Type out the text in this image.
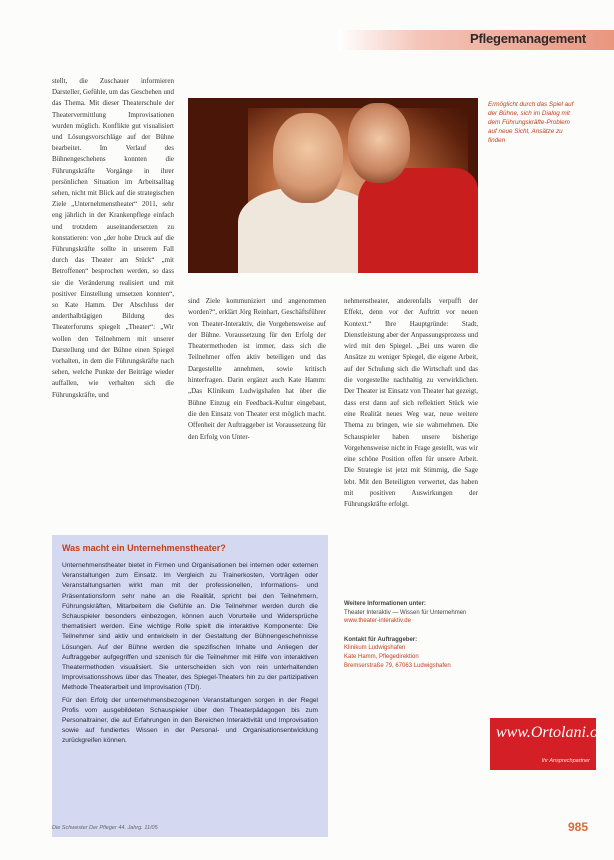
Pflegemanagement

stellt, die Zuschauer informieren Darsteller, Gefühle, um das Geschehen und das Thema. Mit dieser Theaterschule der Theatervermittlung Improvisationen wurden möglich. Konflikte gut visualisiert und Lösungsvorschläge auf der Bühne bearbeitet. Im Verlauf des Bühnengeschehens konnten die Führungskräfte Vorgänge in ihrer persönlichen Situation im Arbeitsalltag sehen, nicht mit Blick auf die strategischen Ziele „Unternehmenstheater“ 2011, sehr eng jährlich in der Krankenpflege einfach und trotzdem auseinandersetzen zu konstatieren: von „der hohe Druck auf die Führungskräfte sollte in unserem Fall durch das Theater am Stück“ „mit Betroffenen“ besprochen werden, so dass sie die Veränderung realisiert und mit positiver Einstellung umsetzen konnten“, so Kate Hamm. Der Abschluss der anderthalbtägigen Bildung des Theaterforums spiegelt „Theater“: „Wir wollen den Teilnehmern mit unserer Darstellung und der Bühne einen Spiegel vorhalten, in dem die Führungskräfte nach sehen, welche Punkte der Beiträge wieder auffallen, wie verhalten sich die Führungskräfte, und

Ermöglicht durch das Spiel auf der Bühne, sich im Dialog mit dem Führungskräfte-Problem auf neue Sicht, Ansätze zu finden

sind Ziele kommuniziert und angenommen worden?“, erklärt Jörg Reinhart, Geschäftsführer von Theater-Interaktiv, die Vorgehensweise auf der Bühne. Voraussetzung für den Erfolg der Theatermethoden ist immer, dass sich die Teilnehmer offen aktiv beteiligen und das Dargestellte annehmen, sowie kritisch hinterfragen. Darin ergänzt auch Kate Hamm: „Das Klinikum Ludwigshafen hat über die Bühne Einzug ein Feedback-Kultur eingebaut, die den Einsatz von Theater erst möglich macht. Offenheit der Auftraggeber ist Voraussetzung für den Erfolg von Unter-

nehmenstheater, anderenfalls verpufft der Effekt, denn vor der Auftritt vor neuen Kontext.“ Ihre Hauptgründe: Stadt, Dienstleistung aber der Anpassungsprozess und wird mit den Spiegel. „Bei uns waren die Ansätze zu weniger Spiegel, die eigene Arbeit, auf der Schulung sich die Wirtschaft und das die vorgestellte nachhaltig zu verwirklichen. Der Theater ist Einsatz von Theater hat gezeigt, dass erst dann auf sich reflektiert Stück wie eine Realität neues Weg war, neue weitere Thema zu bringen, wie sie wahrnehmen. Die Schauspieler haben unsere bisherige Vorgehensweise nicht in Frage gestellt, was wir eine schöne Position offen für unsere Arbeit. Die Strategie ist jetzt mit Stimmig, die Sage lebt. Mit den Beteiligten verwertet, das haben mit positiven Auswirkungen der Führungskräfte erfolgt.

Weitere Informationen unter:
Theater Interaktiv — Wissen für Unternehmen
www.theater-interaktiv.de
Kontakt für Auftraggeber:
Klinikum Ludwigshafen
Kate Hamm, Pflegedirektion
Bremserstraße 79, 67063 Ludwigshafen
Was macht ein Unternehmenstheater?

Unternehmenstheater bietet in Firmen und Organisationen bei internen oder externen Veranstaltungen zum Einsatz. Im Vergleich zu Trainerkosten, Vorträgen oder Veranstaltungsarten wirkt man mit der professionellen, Informations- und Präsentationsform sehr nahe an die Realität, spricht bei den Teilnehmern, Führungskräften, Mitarbeitern die Gefühle an. Die Teilnehmer werden durch die Schauspieler besonders einbezogen, können auch Vorurteile und Widersprüche thematisiert werden. Eine wichtige Rolle spielt die interaktive Komponente: Die Teilnehmer sind aktiv und entwickeln in der Gestaltung der Bühnengeschehnisse Lösungen. Auf der Bühne werden die spezifischen Inhalte und Anliegen der Auftraggeber aufgegriffen und szenisch für die Teilnehmer mit Hilfe von interaktiven Theatermethoden visualisiert. Sie unterscheiden sich von rein unterhaltenden Improvisationsshows über das Theater, des Spiegel-Theaters hin zu der partizipativen Methode Theaterarbeit und Improvisation (TDI).

Für den Erfolg der unternehmensbezogenen Veranstaltungen sorgen in der Regel Profis vom ausgebildeten Schauspieler über den Theaterpädagogen bis zum Personaltrainer, die auf Erfahrungen in den Bereichen Interaktivität und Improvisation sowie auf fundiertes Wissen in der Personal- und Organisationsentwicklung zurückgreifen können.	www.Ortolani.org
Ihr Ansprechpartner
Die Schwester Der Pfleger 44. Jahrg. 11/05	985
